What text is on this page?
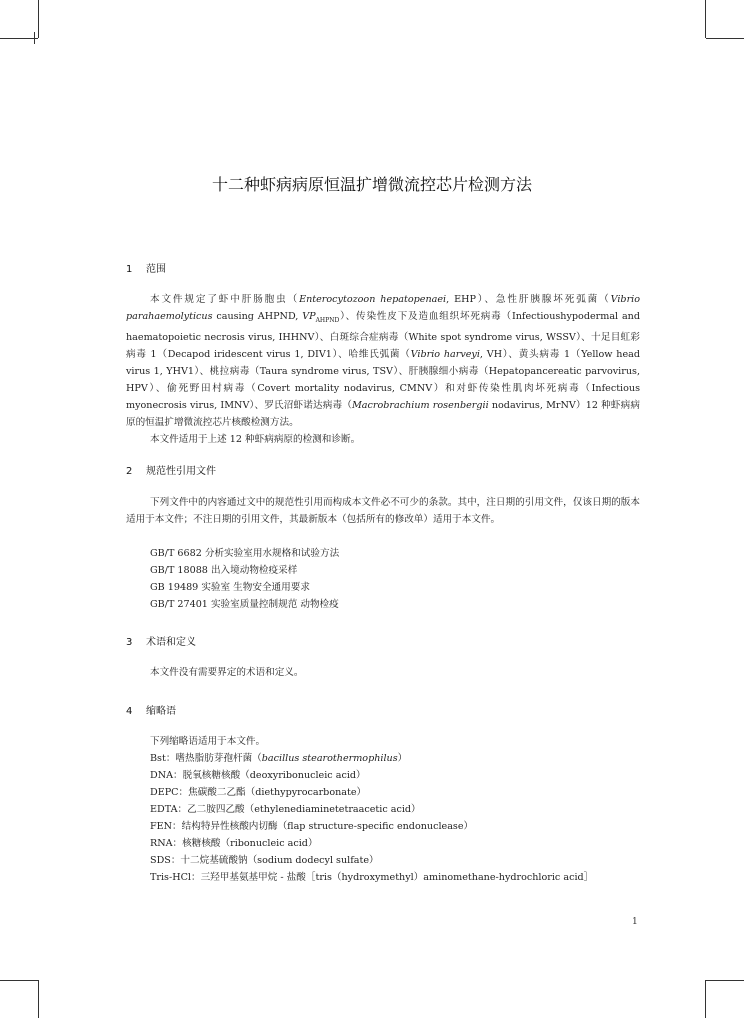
十二种虾病病原恒温扩增微流控芯片检测方法
1 范围

本文件规定了虾中肝肠胞虫（Enterocytozoon hepatopenaei, EHP）、急性肝胰腺坏死弧菌（Vibrio parahaemolyticus causing AHPND, $VP_{AHPND}$）、传染性皮下及造血组织坏死病毒（Infectioushypodermal and haematopoietic necrosis virus, IHHNV）、白斑综合症病毒（White spot syndrome virus, WSSV）、十足目虹彩病毒 1（Decapod iridescent virus 1, DIV1）、哈维氏弧菌（Vibrio harveyi, VH）、黄头病毒 1（Yellow head virus 1, YHV1）、桃拉病毒（Taura syndrome virus, TSV）、肝胰腺细小病毒（Hepatopancereatic parvovirus, HPV）、偷死野田村病毒（Covert mortality nodavirus, CMNV）和对虾传染性肌肉坏死病毒（Infectious myonecrosis virus, IMNV）、罗氏沼虾诺达病毒（Macrobrachium rosenbergii nodavirus, MrNV）12 种虾病病原的恒温扩增微流控芯片核酸检测方法。

本文件适用于上述 12 种虾病病原的检测和诊断。

2 规范性引用文件

下列文件中的内容通过文中的规范性引用而构成本文件必不可少的条款。其中，注日期的引用文件，仅该日期的版本适用于本文件；不注日期的引用文件，其最新版本（包括所有的修改单）适用于本文件。

GB/T 6682 分析实验室用水规格和试验方法
GB/T 18088 出入境动物检疫采样
GB 19489 实验室 生物安全通用要求
GB/T 27401 实验室质量控制规范 动物检疫
3 术语和定义
本文件没有需要界定的术语和定义。
4 缩略语
下列缩略语适用于本文件。
Bst：嗜热脂肪芽孢杆菌（bacillus stearothermophilus）
DNA：脱氧核糖核酸（deoxyribonucleic acid）
DEPC：焦碳酸二乙酯（diethypyrocarbonate）
EDTA：乙二胺四乙酸（ethylenediaminetetraacetic acid）
FEN：结构特异性核酸内切酶（flap structure-specific endonuclease）
RNA：核糖核酸（ribonucleic acid）
SDS：十二烷基硫酸钠（sodium dodecyl sulfate）
Tris-HCl：三羟甲基氨基甲烷 - 盐酸［tris（hydroxymethyl）aminomethane-hydrochloric acid］
1
